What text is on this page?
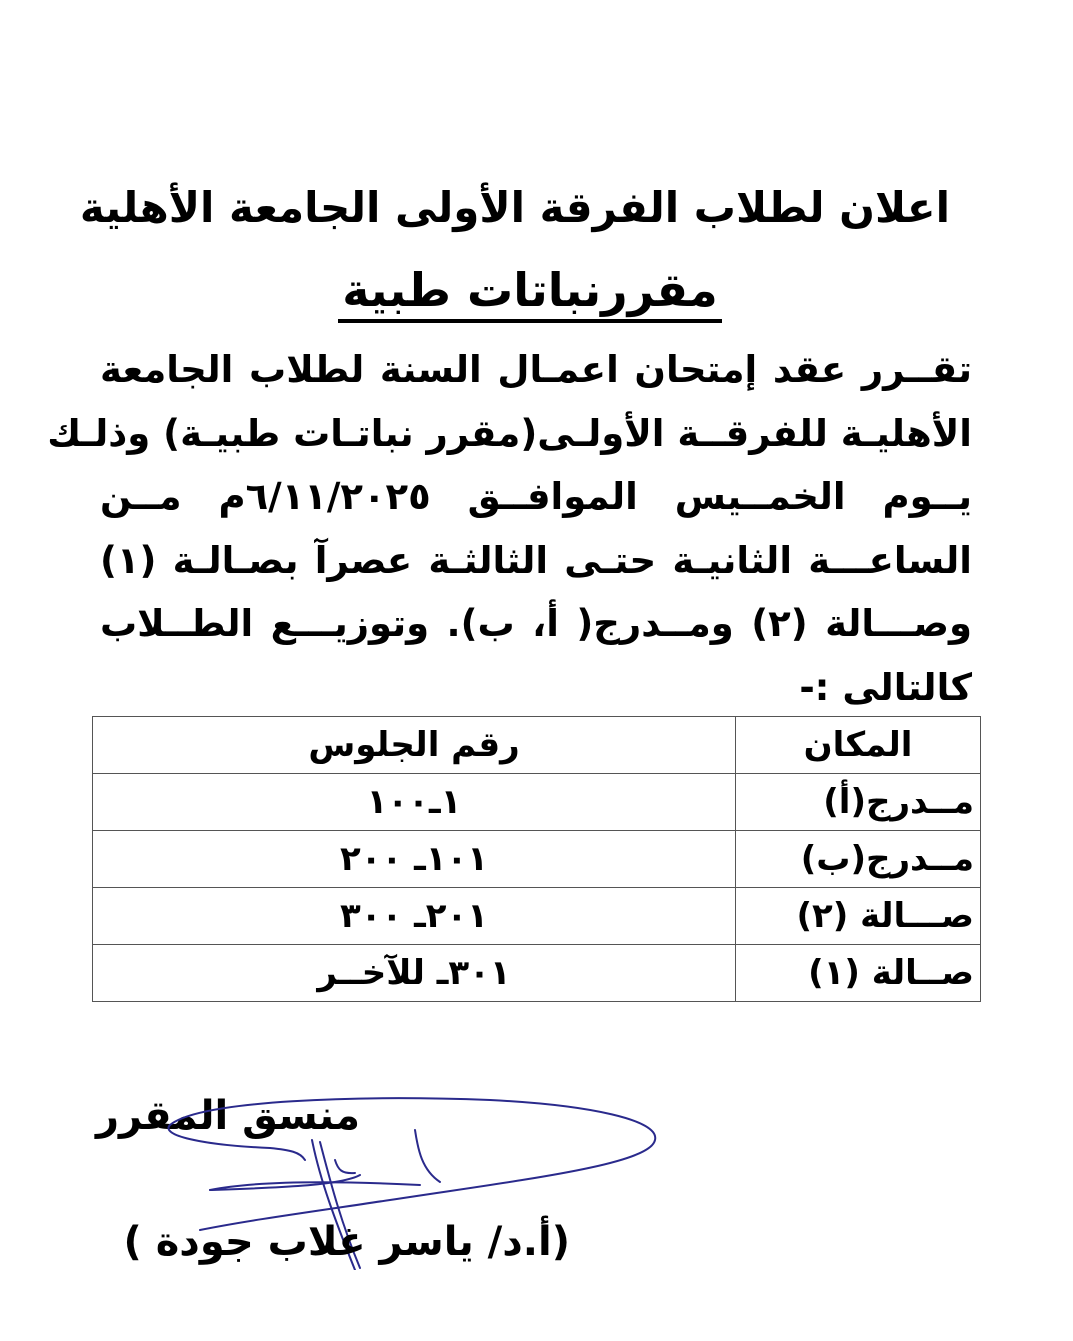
اعلان لطلاب الفرقة الأولى الجامعة الأهلية
مقررنباتات طبية
تقــرر عقد إمتحان اعمـال السنة لطلاب الجامعة
الأهليـة للفرقــة الأولـى(مقرر نباتـات طبيـة) وذلـك
يــوم الخمــيس الموافــق ٦/١١/٢٠٢٥م مــن
الساعـــة الثانيـة حتـى الثالثـة عصرآ بصـالـة (١)
وصـــالة (٢) ومــدرج( أ، ب). وتوزيـــع الطــلاب
كالتالى :-
المكان	رقم الجلوس
مــدرج(أ)	١ـ١٠٠
مــدرج(ب)	١٠١ـ ٢٠٠
صـــالة (٢)	٢٠١ـ ٣٠٠
صــالة (١)	٣٠١ـ للآخــر
منسق المقرر
(أ.د/ ياسر غلاب جودة )
